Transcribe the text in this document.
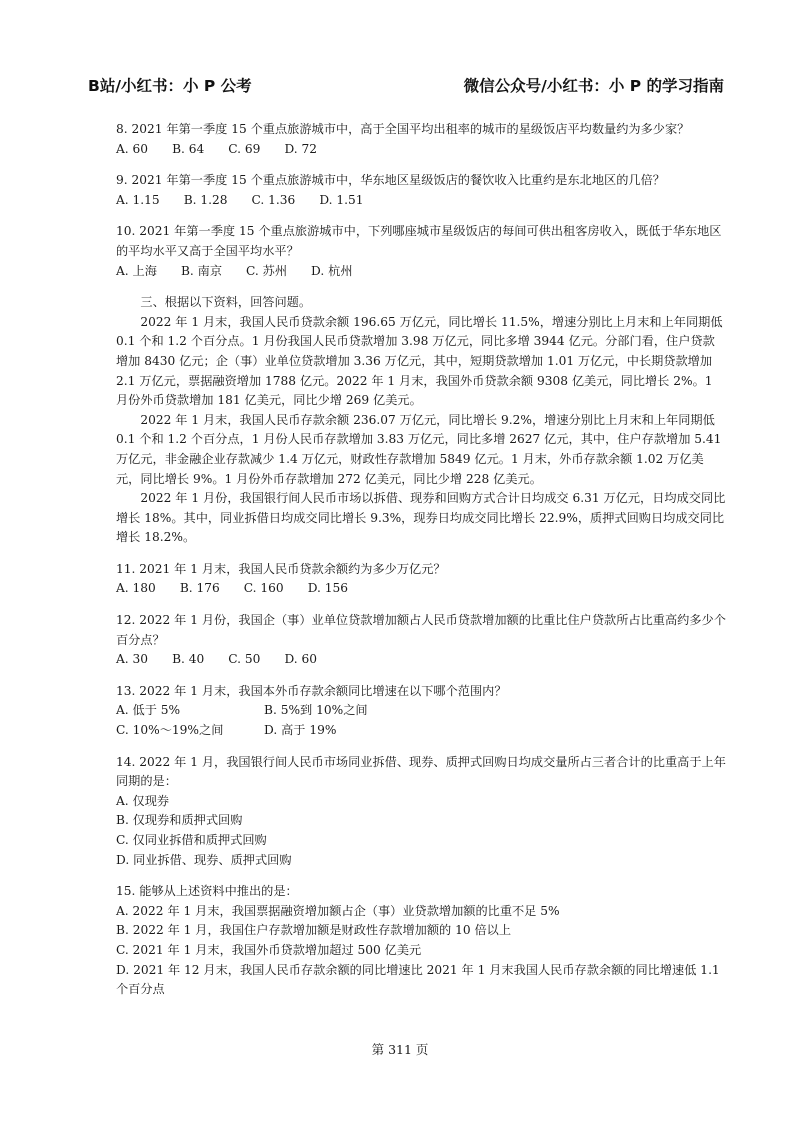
B站/小红书：小 P 公考	微信公众号/小红书：小 P 的学习指南

8. 2021 年第一季度 15 个重点旅游城市中，高于全国平均出租率的城市的星级饭店平均数量约为多少家？

A. 60 B. 64 C. 69 D. 72

9. 2021 年第一季度 15 个重点旅游城市中，华东地区星级饭店的餐饮收入比重约是东北地区的几倍？

A. 1.15 B. 1.28 C. 1.36 D. 1.51

10. 2021 年第一季度 15 个重点旅游城市中，下列哪座城市星级饭店的每间可供出租客房收入，既低于华东地区的平均水平又高于全国平均水平？

A. 上海 B. 南京 C. 苏州 D. 杭州

三、根据以下资料，回答问题。

2022 年 1 月末，我国人民币贷款余额 196.65 万亿元，同比增长 11.5%，增速分别比上月末和上年同期低 0.1 个和 1.2 个百分点。1 月份我国人民币贷款增加 3.98 万亿元，同比多增 3944 亿元。分部门看，住户贷款增加 8430 亿元；企（事）业单位贷款增加 3.36 万亿元，其中，短期贷款增加 1.01 万亿元，中长期贷款增加 2.1 万亿元，票据融资增加 1788 亿元。2022 年 1 月末，我国外币贷款余额 9308 亿美元，同比增长 2%。1 月份外币贷款增加 181 亿美元，同比少增 269 亿美元。

2022 年 1 月末，我国人民币存款余额 236.07 万亿元，同比增长 9.2%，增速分别比上月末和上年同期低 0.1 个和 1.2 个百分点，1 月份人民币存款增加 3.83 万亿元，同比多增 2627 亿元，其中，住户存款增加 5.41 万亿元，非金融企业存款减少 1.4 万亿元，财政性存款增加 5849 亿元。1 月末，外币存款余额 1.02 万亿美元，同比增长 9%。1 月份外币存款增加 272 亿美元，同比少增 228 亿美元。

2022 年 1 月份，我国银行间人民币市场以拆借、现券和回购方式合计日均成交 6.31 万亿元，日均成交同比增长 18%。其中，同业拆借日均成交同比增长 9.3%，现券日均成交同比增长 22.9%，质押式回购日均成交同比增长 18.2%。

11. 2021 年 1 月末，我国人民币贷款余额约为多少万亿元？

A. 180 B. 176 C. 160 D. 156

12. 2022 年 1 月份，我国企（事）业单位贷款增加额占人民币贷款增加额的比重比住户贷款所占比重高约多少个百分点？

A. 30 B. 40 C. 50 D. 60

13. 2022 年 1 月末，我国本外币存款余额同比增速在以下哪个范围内？

A. 低于 5%	B. 5%到 10%之间
C. 10%～19%之间	D. 高于 19%

14. 2022 年 1 月，我国银行间人民币市场同业拆借、现券、质押式回购日均成交量所占三者合计的比重高于上年同期的是：

A. 仅现券

B. 仅现券和质押式回购

C. 仅同业拆借和质押式回购

D. 同业拆借、现券、质押式回购

15. 能够从上述资料中推出的是：

A. 2022 年 1 月末，我国票据融资增加额占企（事）业贷款增加额的比重不足 5%

B. 2022 年 1 月，我国住户存款增加额是财政性存款增加额的 10 倍以上

C. 2021 年 1 月末，我国外币贷款增加超过 500 亿美元

D. 2021 年 12 月末，我国人民币存款余额的同比增速比 2021 年 1 月末我国人民币存款余额的同比增速低 1.1 个百分点

第 311 页
